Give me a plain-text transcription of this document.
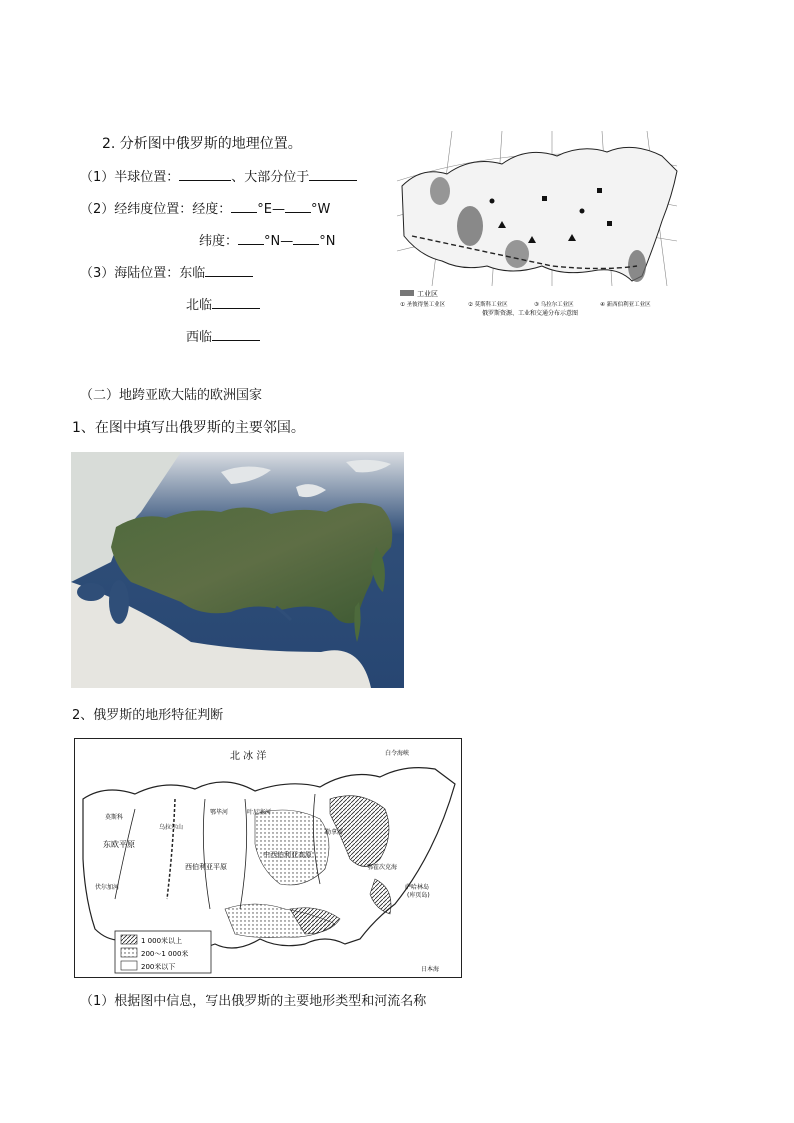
2. 分析图中俄罗斯的地理位置。
（1）半球位置：	、大部分位于
（2）经纬度位置：经度： °E— °W
纬度： °N— °N
（3）海陆位置：东临
北临
西临
工业区
① 圣彼得堡工业区	② 莫斯科工业区	③ 乌拉尔工业区	④ 新西伯利亚工业区
俄罗斯资源、工业和交通分布示意图
（二）地跨亚欧大陆的欧洲国家
1、在图中填写出俄罗斯的主要邻国。
2、俄罗斯的地形特征判断
北 冰 洋	白令海峡
鄂霍次克海
萨哈林岛
(库页岛)
日本海
东欧平原
西伯利亚平原
中西伯利亚高原
乌拉尔山
勒拿河
叶尼塞河
鄂毕河
伏尔加河
莫斯科
1 000米以上
200～1 000米
200米以下
（1）根据图中信息，写出俄罗斯的主要地形类型和河流名称
